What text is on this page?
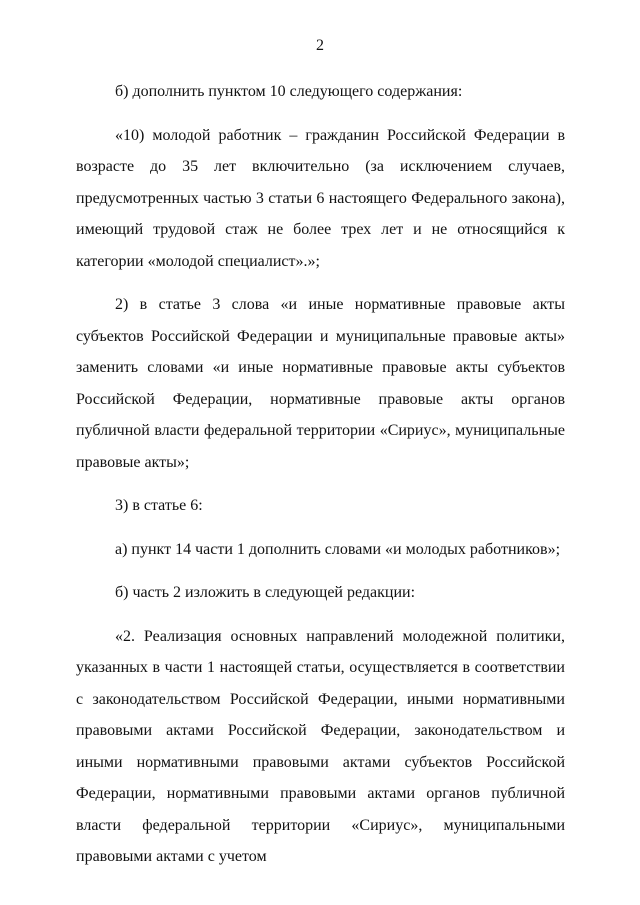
2

б) дополнить пунктом 10 следующего содержания:

«10) молодой работник – гражданин Российской Федерации в возрасте до 35 лет включительно (за исключением случаев, предусмотренных частью 3 статьи 6 настоящего Федерального закона), имеющий трудовой стаж не более трех лет и не относящийся к категории «молодой специалист».»;

2) в статье 3 слова «и иные нормативные правовые акты субъектов Российской Федерации и муниципальные правовые акты» заменить словами «и иные нормативные правовые акты субъектов Российской Федерации, нормативные правовые акты органов публичной власти федеральной территории «Сириус», муниципальные правовые акты»;

3) в статье 6:

а) пункт 14 части 1 дополнить словами «и молодых работников»;

б) часть 2 изложить в следующей редакции:

«2. Реализация основных направлений молодежной политики, указанных в части 1 настоящей статьи, осуществляется в соответствии с законодательством Российской Федерации, иными нормативными правовыми актами Российской Федерации, законодательством и иными нормативными правовыми актами субъектов Российской Федерации, нормативными правовыми актами органов публичной власти федеральной территории «Сириус», муниципальными правовыми актами с учетом
